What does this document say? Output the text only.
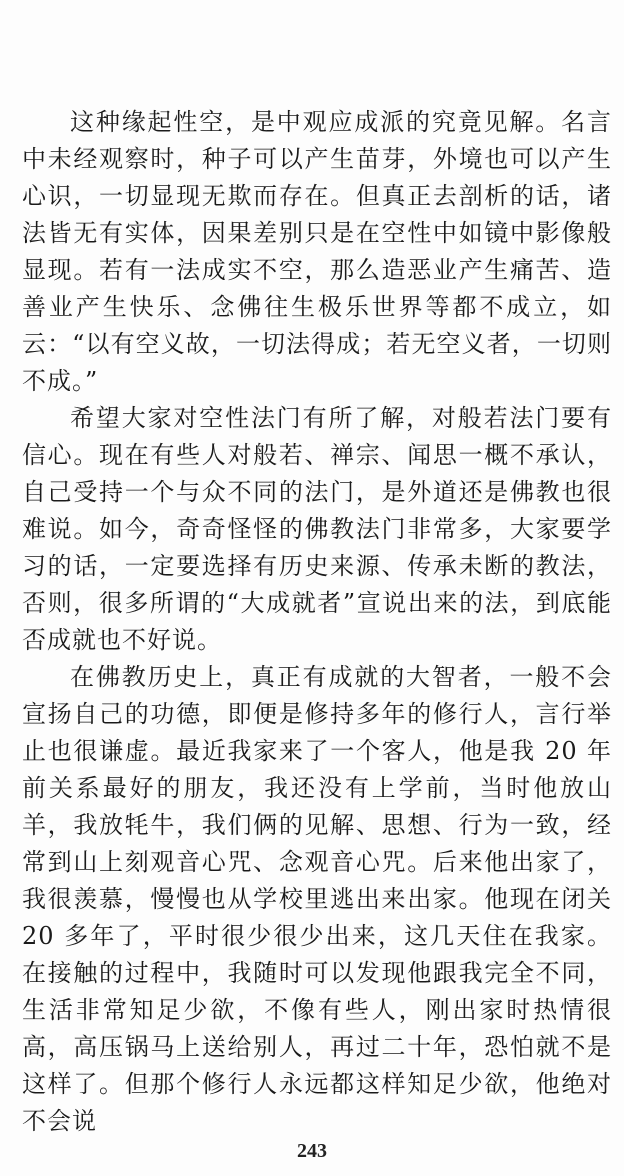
这种缘起性空，是中观应成派的究竟见解。名言中未经观察时，种子可以产生苗芽，外境也可以产生心识，一切显现无欺而存在。但真正去剖析的话，诸法皆无有实体，因果差别只是在空性中如镜中影像般显现。若有一法成实不空，那么造恶业产生痛苦、造善业产生快乐、念佛往生极乐世界等都不成立，如云：“以有空义故，一切法得成；若无空义者，一切则不成。”

希望大家对空性法门有所了解，对般若法门要有信心。现在有些人对般若、禅宗、闻思一概不承认，自己受持一个与众不同的法门，是外道还是佛教也很难说。如今，奇奇怪怪的佛教法门非常多，大家要学习的话，一定要选择有历史来源、传承未断的教法，否则，很多所谓的“大成就者”宣说出来的法，到底能否成就也不好说。

在佛教历史上，真正有成就的大智者，一般不会宣扬自己的功德，即便是修持多年的修行人，言行举止也很谦虚。最近我家来了一个客人，他是我 20 年前关系最好的朋友，我还没有上学前，当时他放山羊，我放牦牛，我们俩的见解、思想、行为一致，经常到山上刻观音心咒、念观音心咒。后来他出家了，我很羡慕，慢慢也从学校里逃出来出家。他现在闭关 20 多年了，平时很少很少出来，这几天住在我家。在接触的过程中，我随时可以发现他跟我完全不同，生活非常知足少欲，不像有些人，刚出家时热情很高，高压锅马上送给别人，再过二十年，恐怕就不是这样了。但那个修行人永远都这样知足少欲，他绝对不会说

243
